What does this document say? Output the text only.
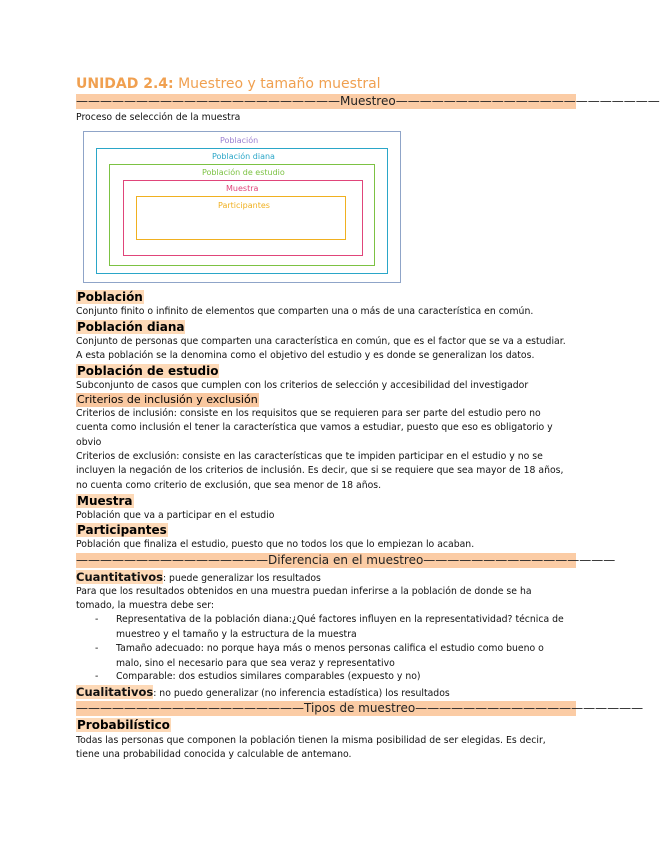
UNIDAD 2.4: Muestreo y tamaño muestral
——————————————————————Muestreo——————————————————————
Proceso de selección de la muestra
Población
Población diana
Población de estudio
Muestra
Participantes
Población
Conjunto finito o infinito de elementos que comparten una o más de una característica en común.
Población diana
Conjunto de personas que comparten una característica en común, que es el factor que se va a estudiar.
A esta población se la denomina como el objetivo del estudio y es donde se generalizan los datos.
Población de estudio
Subconjunto de casos que cumplen con los criterios de selección y accesibilidad del investigador
Criterios de inclusión y exclusión
Criterios de inclusión: consiste en los requisitos que se requieren para ser parte del estudio pero no
cuenta como inclusión el tener la característica que vamos a estudiar, puesto que eso es obligatorio y
obvio
Criterios de exclusión: consiste en las características que te impiden participar en el estudio y no se
incluyen la negación de los criterios de inclusión. Es decir, que si se requiere que sea mayor de 18 años,
no cuenta como criterio de exclusión, que sea menor de 18 años.
Muestra
Población que va a participar en el estudio
Participantes
Población que finaliza el estudio, puesto que no todos los que lo empiezan lo acaban.
————————————————Diferencia en el muestreo————————————————
Cuantitativos: puede generalizar los resultados
Para que los resultados obtenidos en una muestra puedan inferirse a la población de donde se ha
tomado, la muestra debe ser:
- Representativa de la población diana:¿Qué factores influyen en la representatividad? técnica de
muestreo y el tamaño y la estructura de la muestra
- Tamaño adecuado: no porque haya más o menos personas califica el estudio como bueno o
malo, sino el necesario para que sea veraz y representativo
- Comparable: dos estudios similares comparables (expuesto y no)
Cualitativos: no puedo generalizar (no inferencia estadística) los resultados
———————————————————Tipos de muestreo———————————————————
Probabilístico
Todas las personas que componen la población tienen la misma posibilidad de ser elegidas. Es decir,
tiene una probabilidad conocida y calculable de antemano.
